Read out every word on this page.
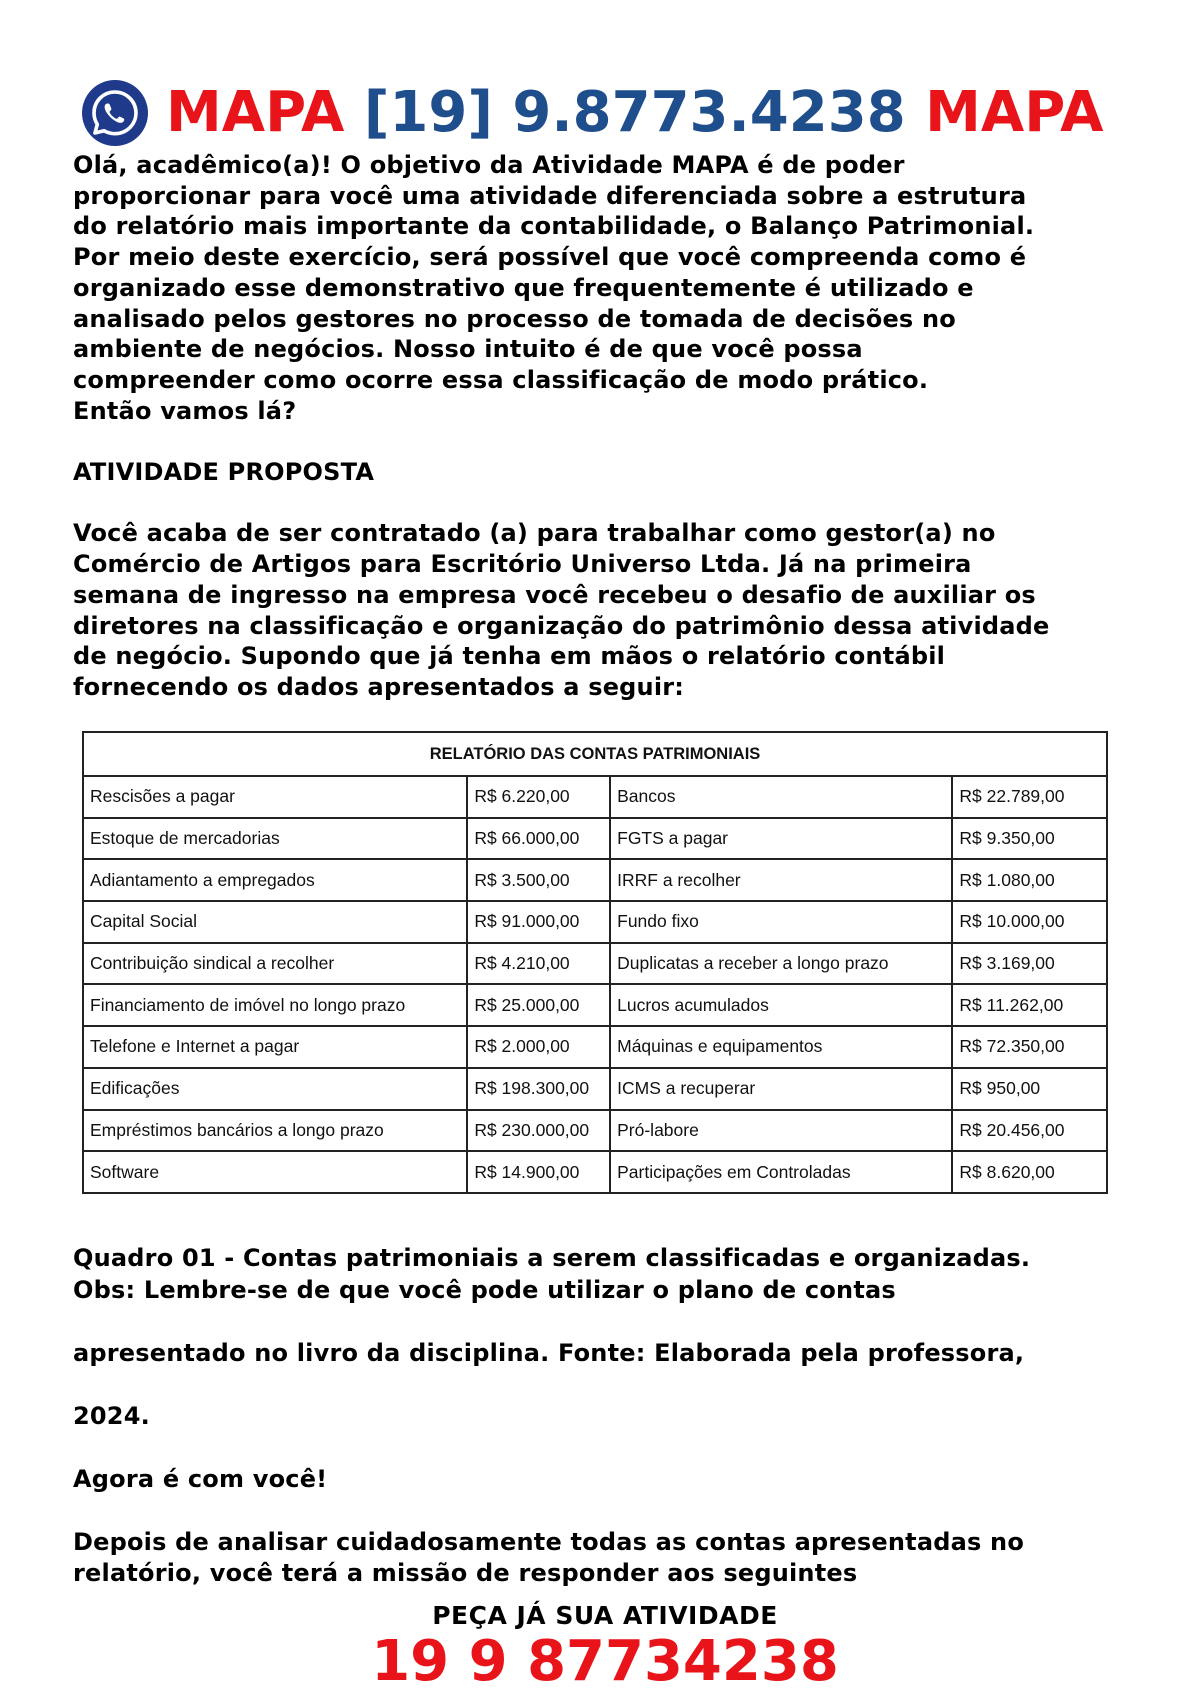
MAPA [19] 9.8773.4238 MAPA
Olá, acadêmico(a)! O objetivo da Atividade MAPA é de poder
proporcionar para você uma atividade diferenciada sobre a estrutura
do relatório mais importante da contabilidade, o Balanço Patrimonial.
Por meio deste exercício, será possível que você compreenda como é
organizado esse demonstrativo que frequentemente é utilizado e
analisado pelos gestores no processo de tomada de decisões no
ambiente de negócios. Nosso intuito é de que você possa
compreender como ocorre essa classificação de modo prático.
Então vamos lá?
ATIVIDADE PROPOSTA
Você acaba de ser contratado (a) para trabalhar como gestor(a) no
Comércio de Artigos para Escritório Universo Ltda. Já na primeira
semana de ingresso na empresa você recebeu o desafio de auxiliar os
diretores na classificação e organização do patrimônio dessa atividade
de negócio. Supondo que já tenha em mãos o relatório contábil
fornecendo os dados apresentados a seguir:
RELATÓRIO DAS CONTAS PATRIMONIAIS			
Rescisões a pagar	R$ 6.220,00	Bancos	R$ 22.789,00
Estoque de mercadorias	R$ 66.000,00	FGTS a pagar	R$ 9.350,00
Adiantamento a empregados	R$ 3.500,00	IRRF a recolher	R$ 1.080,00
Capital Social	R$ 91.000,00	Fundo fixo	R$ 10.000,00
Contribuição sindical a recolher	R$ 4.210,00	Duplicatas a receber a longo prazo	R$ 3.169,00
Financiamento de imóvel no longo prazo	R$ 25.000,00	Lucros acumulados	R$ 11.262,00
Telefone e Internet a pagar	R$ 2.000,00	Máquinas e equipamentos	R$ 72.350,00
Edificações	R$ 198.300,00	ICMS a recuperar	R$ 950,00
Empréstimos bancários a longo prazo	R$ 230.000,00	Pró-labore	R$ 20.456,00
Software	R$ 14.900,00	Participações em Controladas	R$ 8.620,00

Quadro 01 - Contas patrimoniais a serem classificadas e organizadas.

Obs: Lembre-se de que você pode utilizar o plano de contas

apresentado no livro da disciplina. Fonte: Elaborada pela professora,

2024.

Agora é com você!

Depois de analisar cuidadosamente todas as contas apresentadas no

relatório, você terá a missão de responder aos seguintes

PEÇA JÁ SUA ATIVIDADE
19 9 87734238
